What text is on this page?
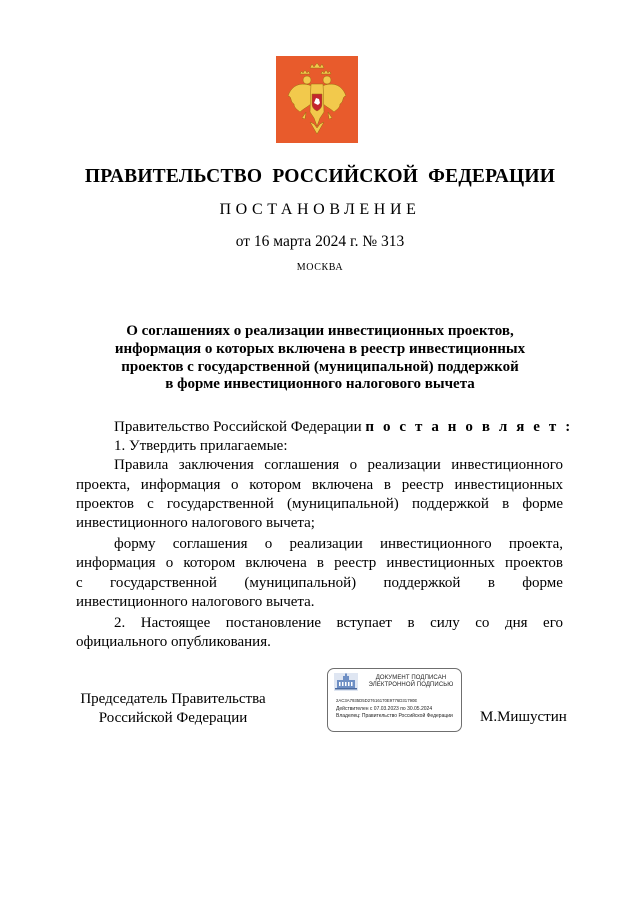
ПРАВИТЕЛЬСТВО РОССИЙСКОЙ ФЕДЕРАЦИИ
ПОСТАНОВЛЕНИЕ
от 16 марта 2024 г. № 313
МОСКВА
О соглашениях о реализации инвестиционных проектов,
информация о которых включена в реестр инвестиционных
проектов с государственной (муниципальной) поддержкой
в форме инвестиционного налогового вычета
Правительство Российской Федерации п о с т а н о в л я е т :
1. Утвердить прилагаемые:
Правила заключения соглашения о реализации инвестиционного
проекта, информация о котором включена в реестр инвестиционных
проектов с государственной (муниципальной) поддержкой в форме
инвестиционного налогового вычета;
форму соглашения о реализации инвестиционного проекта,
информация о котором включена в реестр инвестиционных проектов
с государственной (муниципальной) поддержкой в форме
инвестиционного налогового вычета.
2. Настоящее постановление вступает в силу со дня его
официального опубликования.
Председатель Правительства
Российской Федерации
ДОКУМЕНТ ПОДПИСАН
ЭЛЕКТРОННОЙ ПОДПИСЬЮ
2AC3A7935D5D27616170E9776D31790E
Действителен с 07.03.2023 по 30.05.2024
Владелец: Правительство Российской Федерации	М.Мишустин
